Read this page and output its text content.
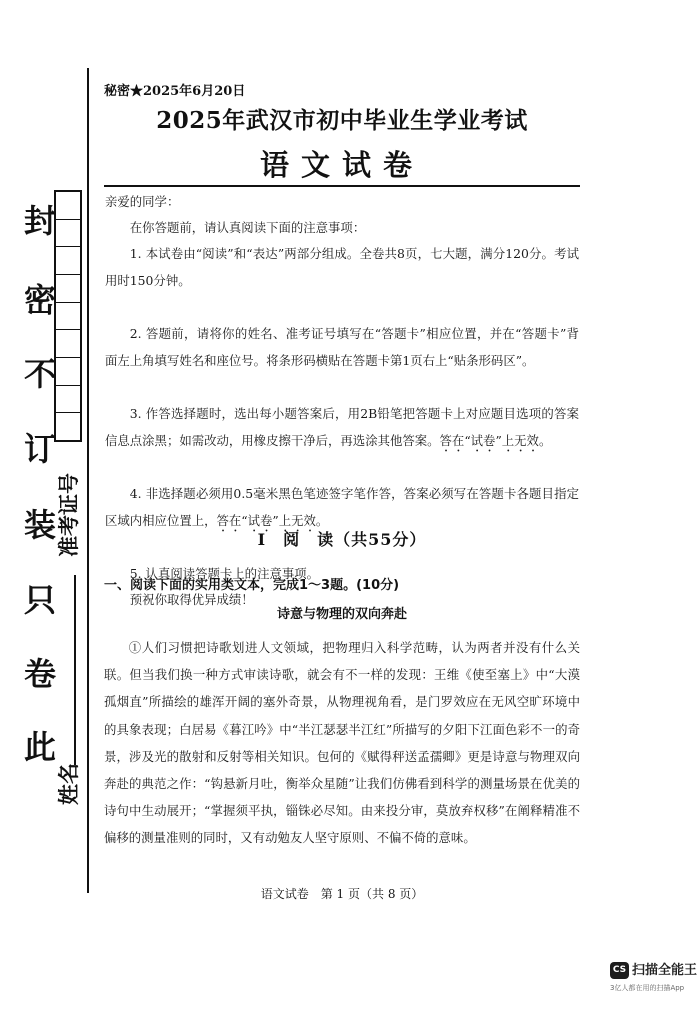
封
密
不
订
装
只
卷
此
准考证号
姓名
秘密★2025年6月20日
2025年武汉市初中毕业生学业考试
语文试卷

亲爱的同学：

在你答题前，请认真阅读下面的注意事项：

1. 本试卷由“阅读”和“表达”两部分组成。全卷共8页，七大题，满分120分。考试用时150分钟。

2. 答题前，请将你的姓名、准考证号填写在“答题卡”相应位置，并在“答题卡”背面左上角填写姓名和座位号。将条形码横贴在答题卡第1页右上“贴条形码区”。

3. 作答选择题时，选出每小题答案后，用2B铅笔把答题卡上对应题目选项的答案信息点涂黑；如需改动，用橡皮擦干净后，再选涂其他答案。答在“试卷”上无效。

4. 非选择题必须用0.5毫米黑色笔迹签字笔作答，答案必须写在答题卡各题目指定区域内相应位置上，答在“试卷”上无效。

5. 认真阅读答题卡上的注意事项。

预祝你取得优异成绩！

I　阅　读（共55分）
一、阅读下面的实用类文本，完成1～3题。(10分)
诗意与物理的双向奔赴

①人们习惯把诗歌划进人文领域，把物理归入科学范畴，认为两者并没有什么关联。但当我们换一种方式审读诗歌，就会有不一样的发现：王维《使至塞上》中“大漠孤烟直”所描绘的雄浑开阔的塞外奇景，从物理视角看，是门罗效应在无风空旷环境中的具象表现；白居易《暮江吟》中“半江瑟瑟半江红”所描写的夕阳下江面色彩不一的奇景，涉及光的散射和反射等相关知识。包何的《赋得秤送孟孺卿》更是诗意与物理双向奔赴的典范之作：“钩悬新月吐，衡举众星随”让我们仿佛看到科学的测量场景在优美的诗句中生动展开；“掌握须平执，锱铢必尽知。由来投分审，莫放弃权移”在阐释精准不偏移的测量准则的同时，又有动勉友人坚守原则、不偏不倚的意味。

语文试卷　第 1 页（共 8 页）
CS 扫描全能王
3亿人都在用的扫描App
